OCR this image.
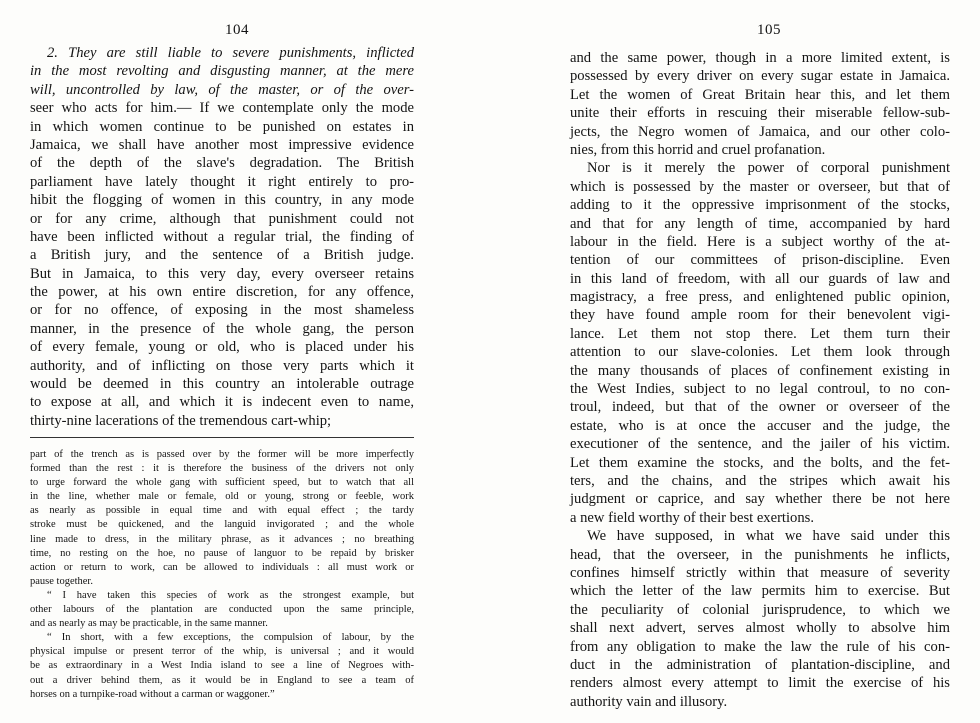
104
2. They are still liable to severe punishments, inflicted
in the most revolting and disgusting manner, at the mere
will, uncontrolled by law, of the master, or of the over-
seer who acts for him.— If we contemplate only the mode
in which women continue to be punished on estates in
Jamaica, we shall have another most impressive evidence
of the depth of the slave's degradation. The British
parliament have lately thought it right entirely to pro-
hibit the flogging of women in this country, in any mode
or for any crime, although that punishment could not
have been inflicted without a regular trial, the finding of
a British jury, and the sentence of a British judge.
But in Jamaica, to this very day, every overseer retains
the power, at his own entire discretion, for any offence,
or for no offence, of exposing in the most shameless
manner, in the presence of the whole gang, the person
of every female, young or old, who is placed under his
authority, and of inflicting on those very parts which it
would be deemed in this country an intolerable outrage
to expose at all, and which it is indecent even to name,
thirty-nine lacerations of the tremendous cart-whip;
part of the trench as is passed over by the former will be more imperfectly
formed than the rest : it is therefore the business of the drivers not only
to urge forward the whole gang with sufficient speed, but to watch that all
in the line, whether male or female, old or young, strong or feeble, work
as nearly as possible in equal time and with equal effect ; the tardy
stroke must be quickened, and the languid invigorated ; and the whole
line made to dress, in the military phrase, as it advances ; no breathing
time, no resting on the hoe, no pause of languor to be repaid by brisker
action or return to work, can be allowed to individuals : all must work or
pause together.
“ I have taken this species of work as the strongest example, but
other labours of the plantation are conducted upon the same principle,
and as nearly as may be practicable, in the same manner.
“ In short, with a few exceptions, the compulsion of labour, by the
physical impulse or present terror of the whip, is universal ; and it would
be as extraordinary in a West India island to see a line of Negroes with-
out a driver behind them, as it would be in England to see a team of
horses on a turnpike-road without a carman or waggoner.”
105
and the same power, though in a more limited extent, is
possessed by every driver on every sugar estate in Jamaica.
Let the women of Great Britain hear this, and let them
unite their efforts in rescuing their miserable fellow-sub-
jects, the Negro women of Jamaica, and our other colo-
nies, from this horrid and cruel profanation.
Nor is it merely the power of corporal punishment
which is possessed by the master or overseer, but that of
adding to it the oppressive imprisonment of the stocks,
and that for any length of time, accompanied by hard
labour in the field. Here is a subject worthy of the at-
tention of our committees of prison-discipline. Even
in this land of freedom, with all our guards of law and
magistracy, a free press, and enlightened public opinion,
they have found ample room for their benevolent vigi-
lance. Let them not stop there. Let them turn their
attention to our slave-colonies. Let them look through
the many thousands of places of confinement existing in
the West Indies, subject to no legal controul, to no con-
troul, indeed, but that of the owner or overseer of the
estate, who is at once the accuser and the judge, the
executioner of the sentence, and the jailer of his victim.
Let them examine the stocks, and the bolts, and the fet-
ters, and the chains, and the stripes which await his
judgment or caprice, and say whether there be not here
a new field worthy of their best exertions.
We have supposed, in what we have said under this
head, that the overseer, in the punishments he inflicts,
confines himself strictly within that measure of severity
which the letter of the law permits him to exercise. But
the peculiarity of colonial jurisprudence, to which we
shall next advert, serves almost wholly to absolve him
from any obligation to make the law the rule of his con-
duct in the administration of plantation-discipline, and
renders almost every attempt to limit the exercise of his
authority vain and illusory.
